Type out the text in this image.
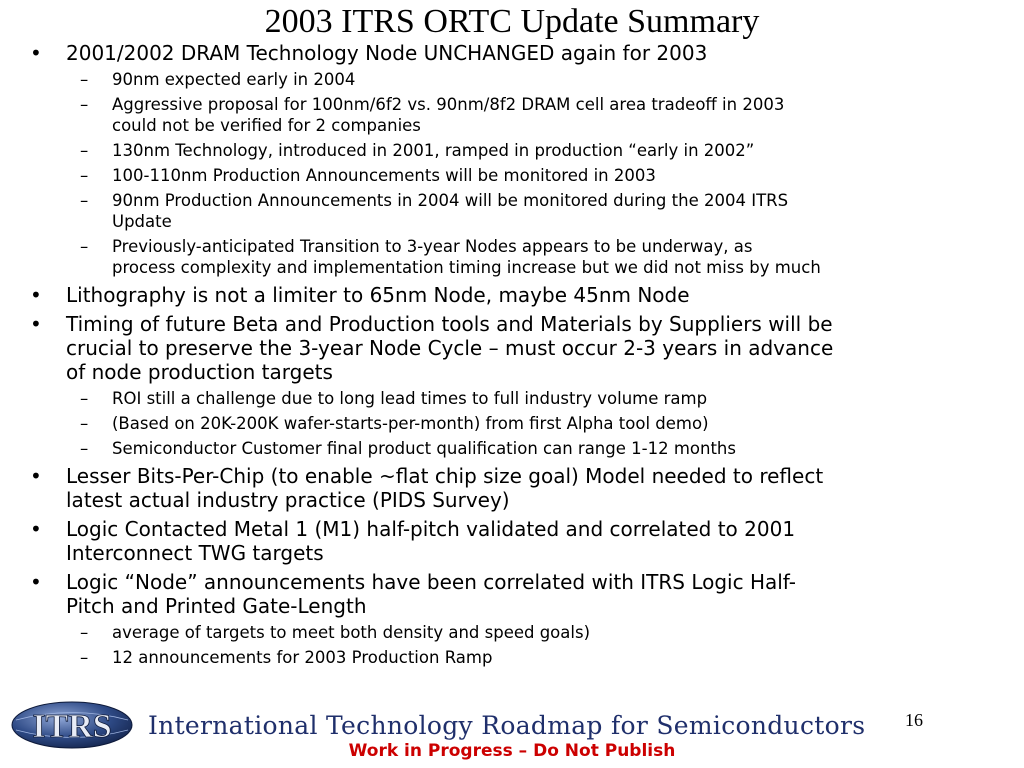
2003 ITRS ORTC Update Summary
• 2001/2002 DRAM Technology Node UNCHANGED again for 2003
– 90nm expected early in 2004
– Aggressive proposal for 100nm/6f2 vs. 90nm/8f2 DRAM cell area tradeoff in 2003
could not be verified for 2 companies
– 130nm Technology, introduced in 2001, ramped in production “early in 2002”
– 100-110nm Production Announcements will be monitored in 2003
– 90nm Production Announcements in 2004 will be monitored during the 2004 ITRS
Update
– Previously-anticipated Transition to 3-year Nodes appears to be underway, as
process complexity and implementation timing increase but we did not miss by much
• Lithography is not a limiter to 65nm Node, maybe 45nm Node
• Timing of future Beta and Production tools and Materials by Suppliers will be
crucial to preserve the 3-year Node Cycle – must occur 2-3 years in advance
of node production targets
– ROI still a challenge due to long lead times to full industry volume ramp
– (Based on 20K-200K wafer-starts-per-month) from first Alpha tool demo)
– Semiconductor Customer final product qualification can range 1-12 months
• Lesser Bits-Per-Chip (to enable ~flat chip size goal) Model needed to reflect
latest actual industry practice (PIDS Survey)
• Logic Contacted Metal 1 (M1) half-pitch validated and correlated to 2001
Interconnect TWG targets
• Logic “Node” announcements have been correlated with ITRS Logic Half-
Pitch and Printed Gate-Length
– average of targets to meet both density and speed goals)
– 12 announcements for 2003 Production Ramp
ITRS International Technology Roadmap for Semiconductors 16
Work in Progress – Do Not Publish
